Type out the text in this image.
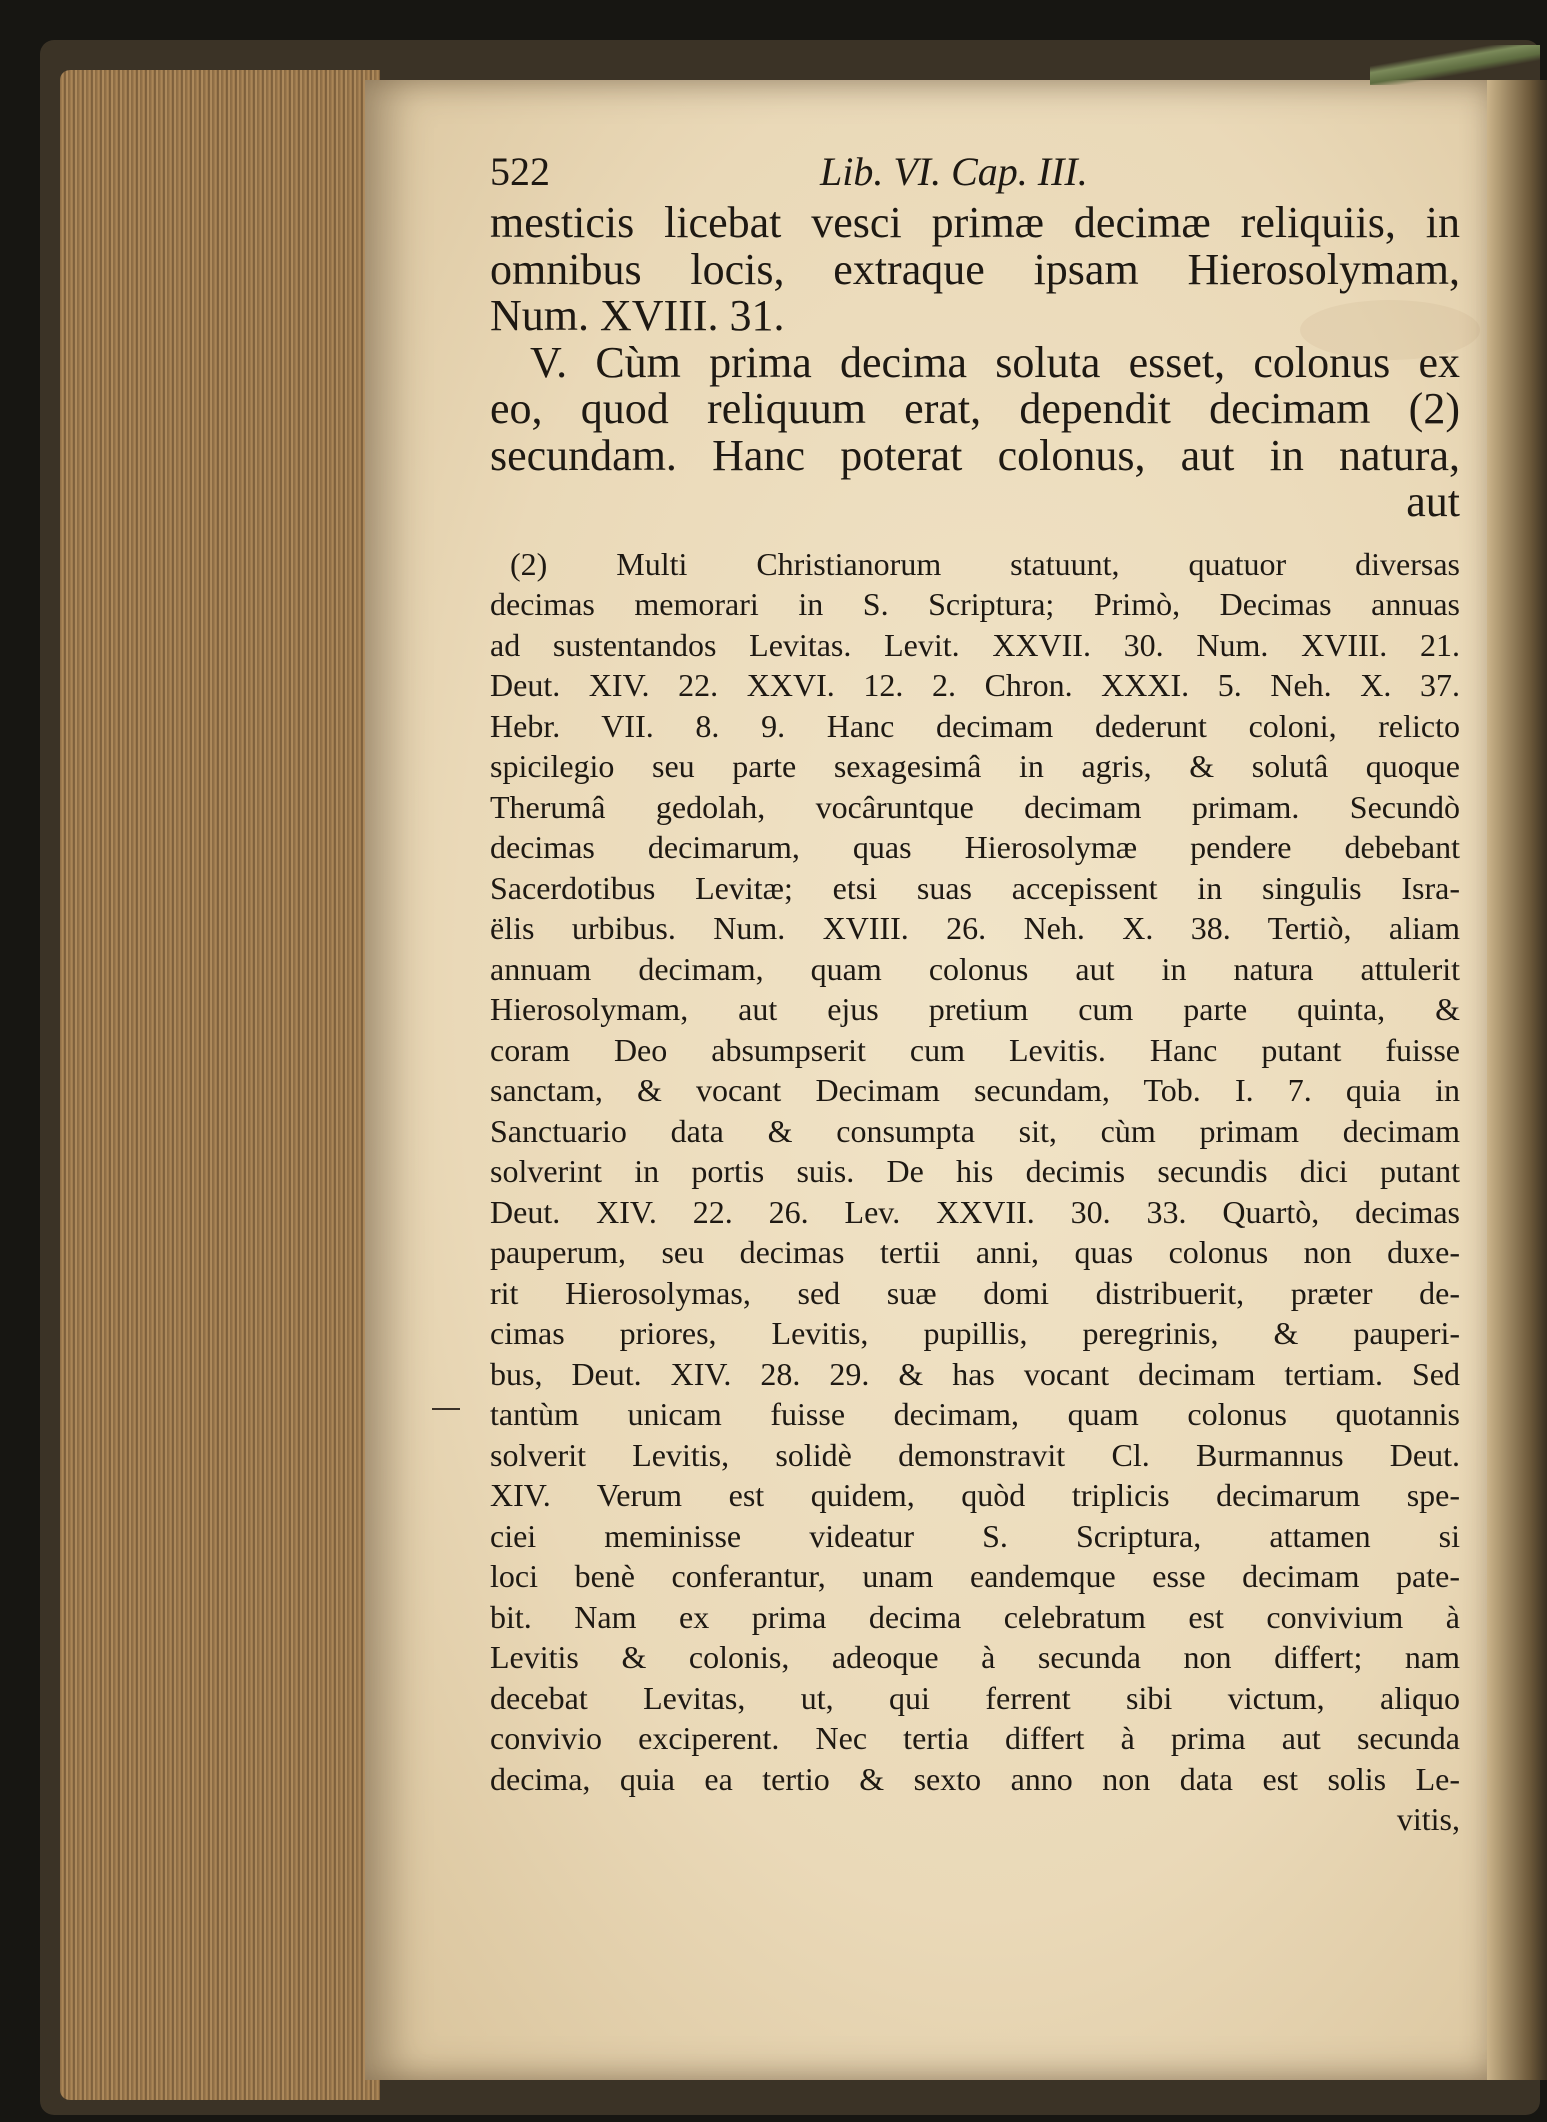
522	Lib. VI. Cap. III.
mesticis licebat vesci primæ decimæ reliquiis, in
omnibus locis, extraque ipsam Hierosolymam,
Num. XVIII. 31.
V. Cùm prima decima soluta esset, colonus ex
eo, quod reliquum erat, dependit decimam (2)
secundam. Hanc poterat colonus, aut in natura,
aut
(2) Multi Christianorum statuunt, quatuor diversas
decimas memorari in S. Scriptura; Primò, Decimas annuas
ad sustentandos Levitas. Levit. XXVII. 30. Num. XVIII. 21.
Deut. XIV. 22. XXVI. 12. 2. Chron. XXXI. 5. Neh. X. 37.
Hebr. VII. 8. 9. Hanc decimam dederunt coloni, relicto
spicilegio seu parte sexagesimâ in agris, & solutâ quoque
Therumâ gedolah, vocâruntque decimam primam. Secundò
decimas decimarum, quas Hierosolymæ pendere debebant
Sacerdotibus Levitæ; etsi suas accepissent in singulis Isra-
ëlis urbibus. Num. XVIII. 26. Neh. X. 38. Tertiò, aliam
annuam decimam, quam colonus aut in natura attulerit
Hierosolymam, aut ejus pretium cum parte quinta, &
coram Deo absumpserit cum Levitis. Hanc putant fuisse
sanctam, & vocant Decimam secundam, Tob. I. 7. quia in
Sanctuario data & consumpta sit, cùm primam decimam
solverint in portis suis. De his decimis secundis dici putant
Deut. XIV. 22. 26. Lev. XXVII. 30. 33. Quartò, decimas
pauperum, seu decimas tertii anni, quas colonus non duxe-
rit Hierosolymas, sed suæ domi distribuerit, præter de-
cimas priores, Levitis, pupillis, peregrinis, & pauperi-
bus, Deut. XIV. 28. 29. & has vocant decimam tertiam. Sed
tantùm unicam fuisse decimam, quam colonus quotannis
solverit Levitis, solidè demonstravit Cl. Burmannus Deut.
XIV. Verum est quidem, quòd triplicis decimarum spe-
ciei meminisse videatur S. Scriptura, attamen si
loci benè conferantur, unam eandemque esse decimam pate-
bit. Nam ex prima decima celebratum est convivium à
Levitis & colonis, adeoque à secunda non differt; nam
decebat Levitas, ut, qui ferrent sibi victum, aliquo
convivio exciperent. Nec tertia differt à prima aut secunda
decima, quia ea tertio & sexto anno non data est solis Le-
vitis,
